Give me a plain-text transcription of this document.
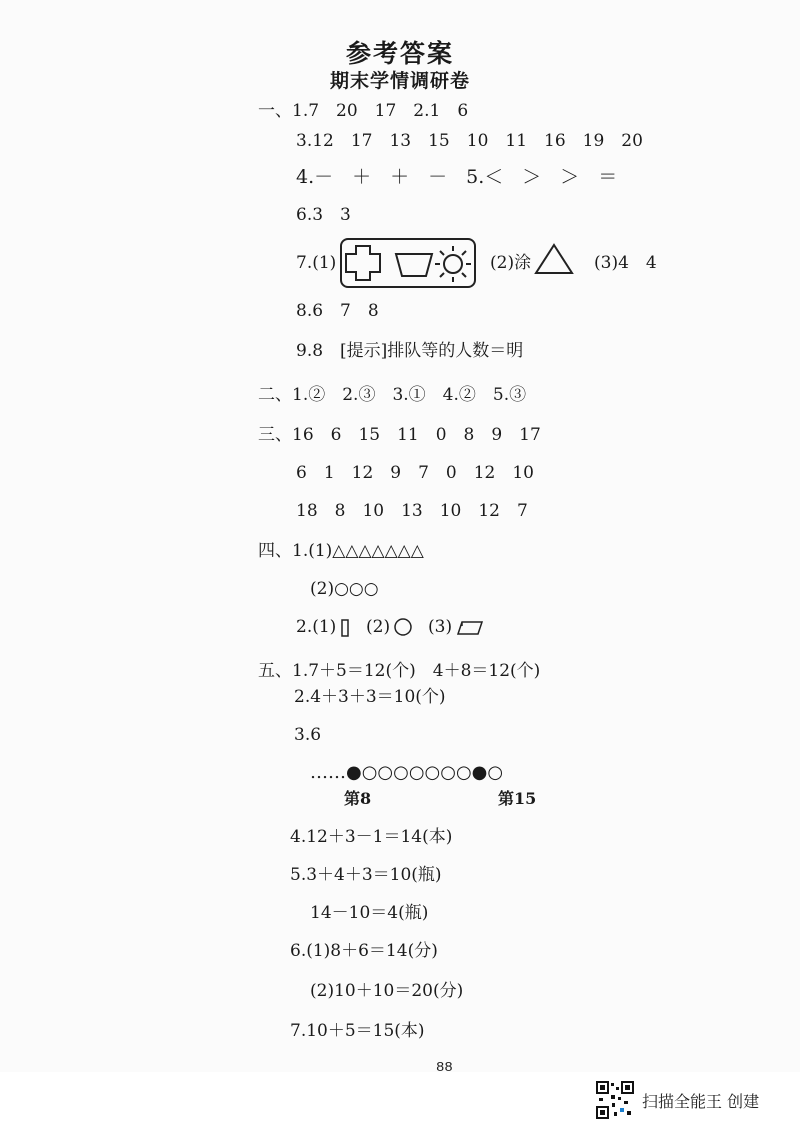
参考答案
期末学情调研卷
一、1.7　20　17　2.1　6
3.12　17　13　15　10　11　16　19　20
4.－　＋　＋　－　5.＜　＞　＞　＝
6.3　3
7.(1)	(2)涂	(3)4　4
8.6　7　8
9.8　[提示]排队等的人数＝明
二、1.②　2.③　3.①　4.②　5.③
三、16　6　15　11　0　8　9　17
6　1　12　9　7　0　12　10
18　8　10　13　10　12　7
四、1.(1)△△△△△△△
(2)○○○
2.(1) (2) (3)
五、1.7＋5＝12(个)　4＋8＝12(个)
2.4＋3＋3＝10(个)
3.6
……●○○○○○○○●○
第8	第15
4.12＋3－1＝14(本)
5.3＋4＋3＝10(瓶)
14－10＝4(瓶)
6.(1)8＋6＝14(分)
(2)10＋10＝20(分)
7.10＋5＝15(本)
88
扫描全能王 创建
